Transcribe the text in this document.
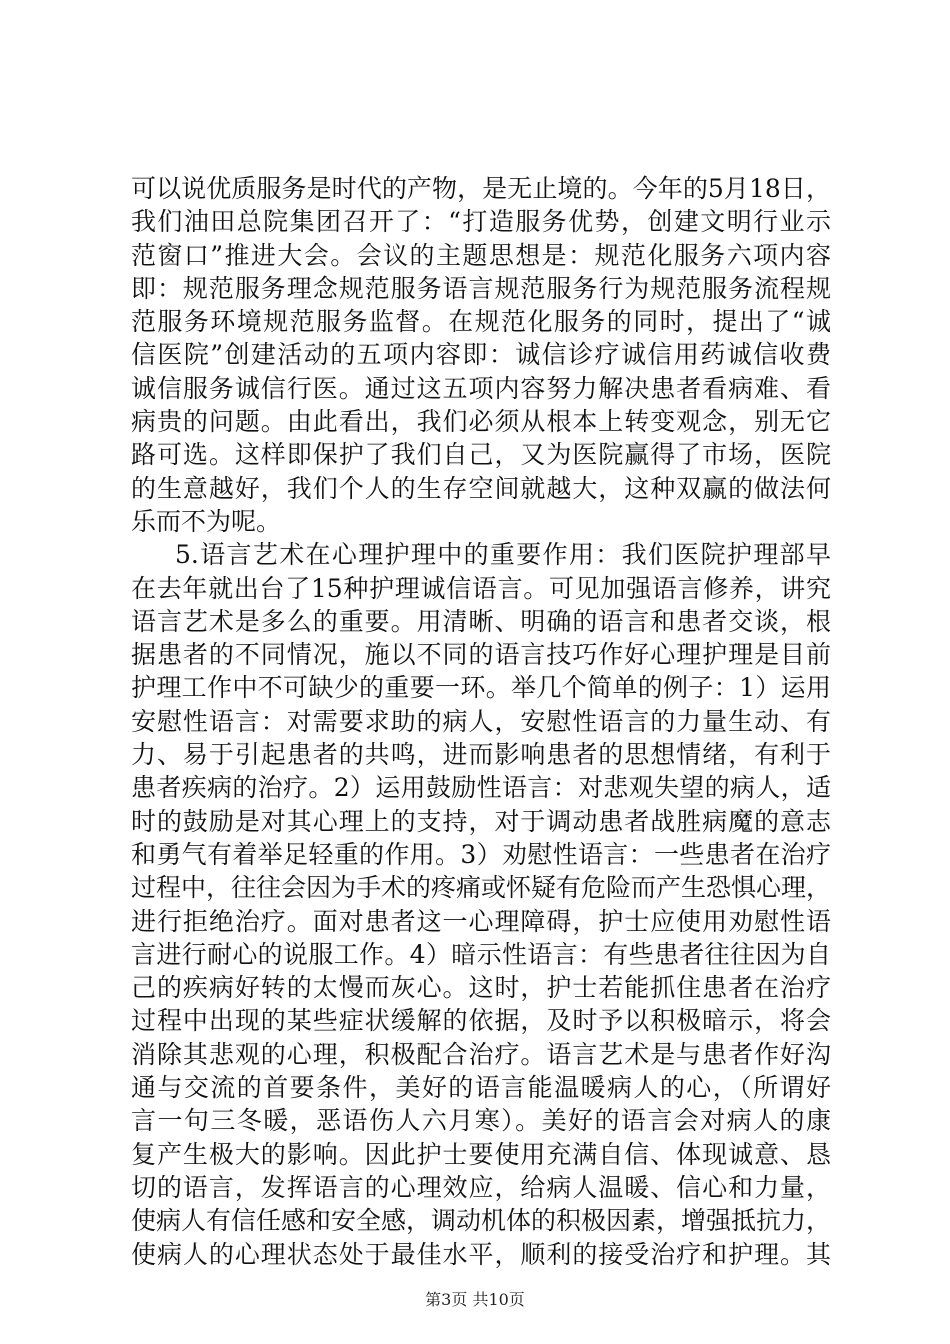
可以说优质服务是时代的产物，是无止境的。今年的5月18日，
我们油田总院集团召开了：“打造服务优势，创建文明行业示
范窗口”推进大会。会议的主题思想是：规范化服务六项内容
即：规范服务理念规范服务语言规范服务行为规范服务流程规
范服务环境规范服务监督。在规范化服务的同时，提出了“诚
信医院”创建活动的五项内容即：诚信诊疗诚信用药诚信收费
诚信服务诚信行医。通过这五项内容努力解决患者看病难、看
病贵的问题。由此看出，我们必须从根本上转变观念，别无它
路可选。这样即保护了我们自己，又为医院赢得了市场，医院
的生意越好，我们个人的生存空间就越大，这种双赢的做法何
乐而不为呢。
5.语言艺术在心理护理中的重要作用：我们医院护理部早
在去年就出台了15种护理诚信语言。可见加强语言修养，讲究
语言艺术是多么的重要。用清晰、明确的语言和患者交谈，根
据患者的不同情况，施以不同的语言技巧作好心理护理是目前
护理工作中不可缺少的重要一环。举几个简单的例子：1）运用
安慰性语言：对需要求助的病人，安慰性语言的力量生动、有
力、易于引起患者的共鸣，进而影响患者的思想情绪，有利于
患者疾病的治疗。2）运用鼓励性语言：对悲观失望的病人，适
时的鼓励是对其心理上的支持，对于调动患者战胜病魔的意志
和勇气有着举足轻重的作用。3）劝慰性语言：一些患者在治疗
过程中，往往会因为手术的疼痛或怀疑有危险而产生恐惧心理，
进行拒绝治疗。面对患者这一心理障碍，护士应使用劝慰性语
言进行耐心的说服工作。4）暗示性语言：有些患者往往因为自
己的疾病好转的太慢而灰心。这时，护士若能抓住患者在治疗
过程中出现的某些症状缓解的依据，及时予以积极暗示，将会
消除其悲观的心理，积极配合治疗。语言艺术是与患者作好沟
通与交流的首要条件，美好的语言能温暖病人的心，（所谓好
言一句三冬暖，恶语伤人六月寒）。美好的语言会对病人的康
复产生极大的影响。因此护士要使用充满自信、体现诚意、恳
切的语言，发挥语言的心理效应，给病人温暖、信心和力量，
使病人有信任感和安全感，调动机体的积极因素，增强抵抗力，
使病人的心理状态处于最佳水平，顺利的接受治疗和护理。其
第3页 共10页
